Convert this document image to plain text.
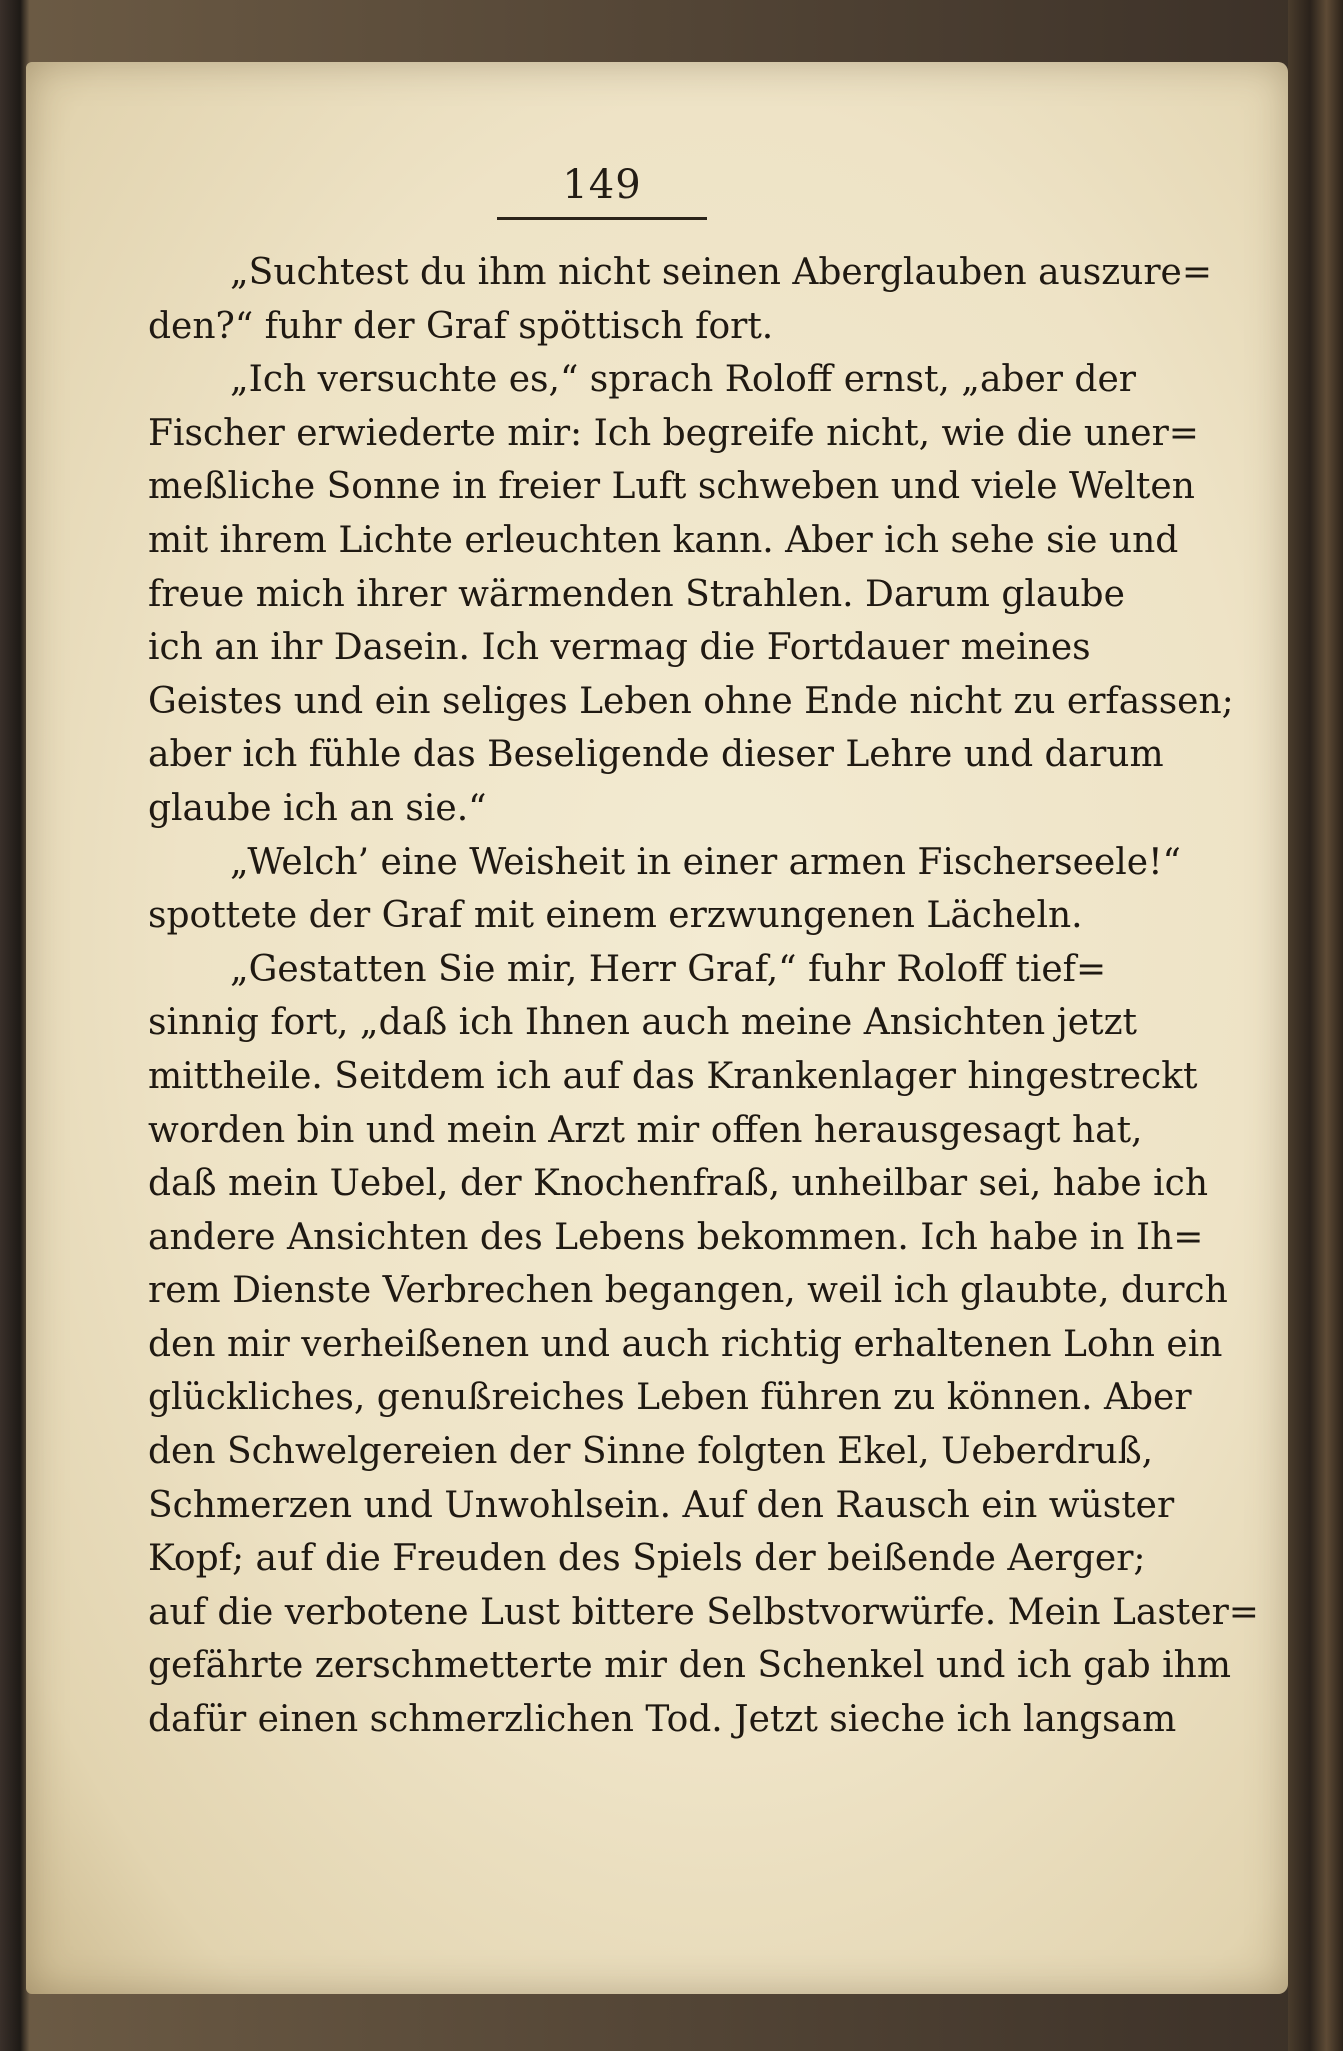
149
„Suchtest du ihm nicht seinen Aberglauben auszure=
den?“ fuhr der Graf spöttisch fort.
„Ich versuchte es,“ sprach Roloff ernst, „aber der
Fischer erwiederte mir: Ich begreife nicht, wie die uner=
meßliche Sonne in freier Luft schweben und viele Welten
mit ihrem Lichte erleuchten kann. Aber ich sehe sie und
freue mich ihrer wärmenden Strahlen. Darum glaube
ich an ihr Dasein. Ich vermag die Fortdauer meines
Geistes und ein seliges Leben ohne Ende nicht zu erfassen;
aber ich fühle das Beseligende dieser Lehre und darum
glaube ich an sie.“
„Welch’ eine Weisheit in einer armen Fischerseele!“
spottete der Graf mit einem erzwungenen Lächeln.
„Gestatten Sie mir, Herr Graf,“ fuhr Roloff tief=
sinnig fort, „daß ich Ihnen auch meine Ansichten jetzt
mittheile. Seitdem ich auf das Krankenlager hingestreckt
worden bin und mein Arzt mir offen herausgesagt hat,
daß mein Uebel, der Knochenfraß, unheilbar sei, habe ich
andere Ansichten des Lebens bekommen. Ich habe in Ih=
rem Dienste Verbrechen begangen, weil ich glaubte, durch
den mir verheißenen und auch richtig erhaltenen Lohn ein
glückliches, genußreiches Leben führen zu können. Aber
den Schwelgereien der Sinne folgten Ekel, Ueberdruß,
Schmerzen und Unwohlsein. Auf den Rausch ein wüster
Kopf; auf die Freuden des Spiels der beißende Aerger;
auf die verbotene Lust bittere Selbstvorwürfe. Mein Laster=
gefährte zerschmetterte mir den Schenkel und ich gab ihm
dafür einen schmerzlichen Tod. Jetzt sieche ich langsam
